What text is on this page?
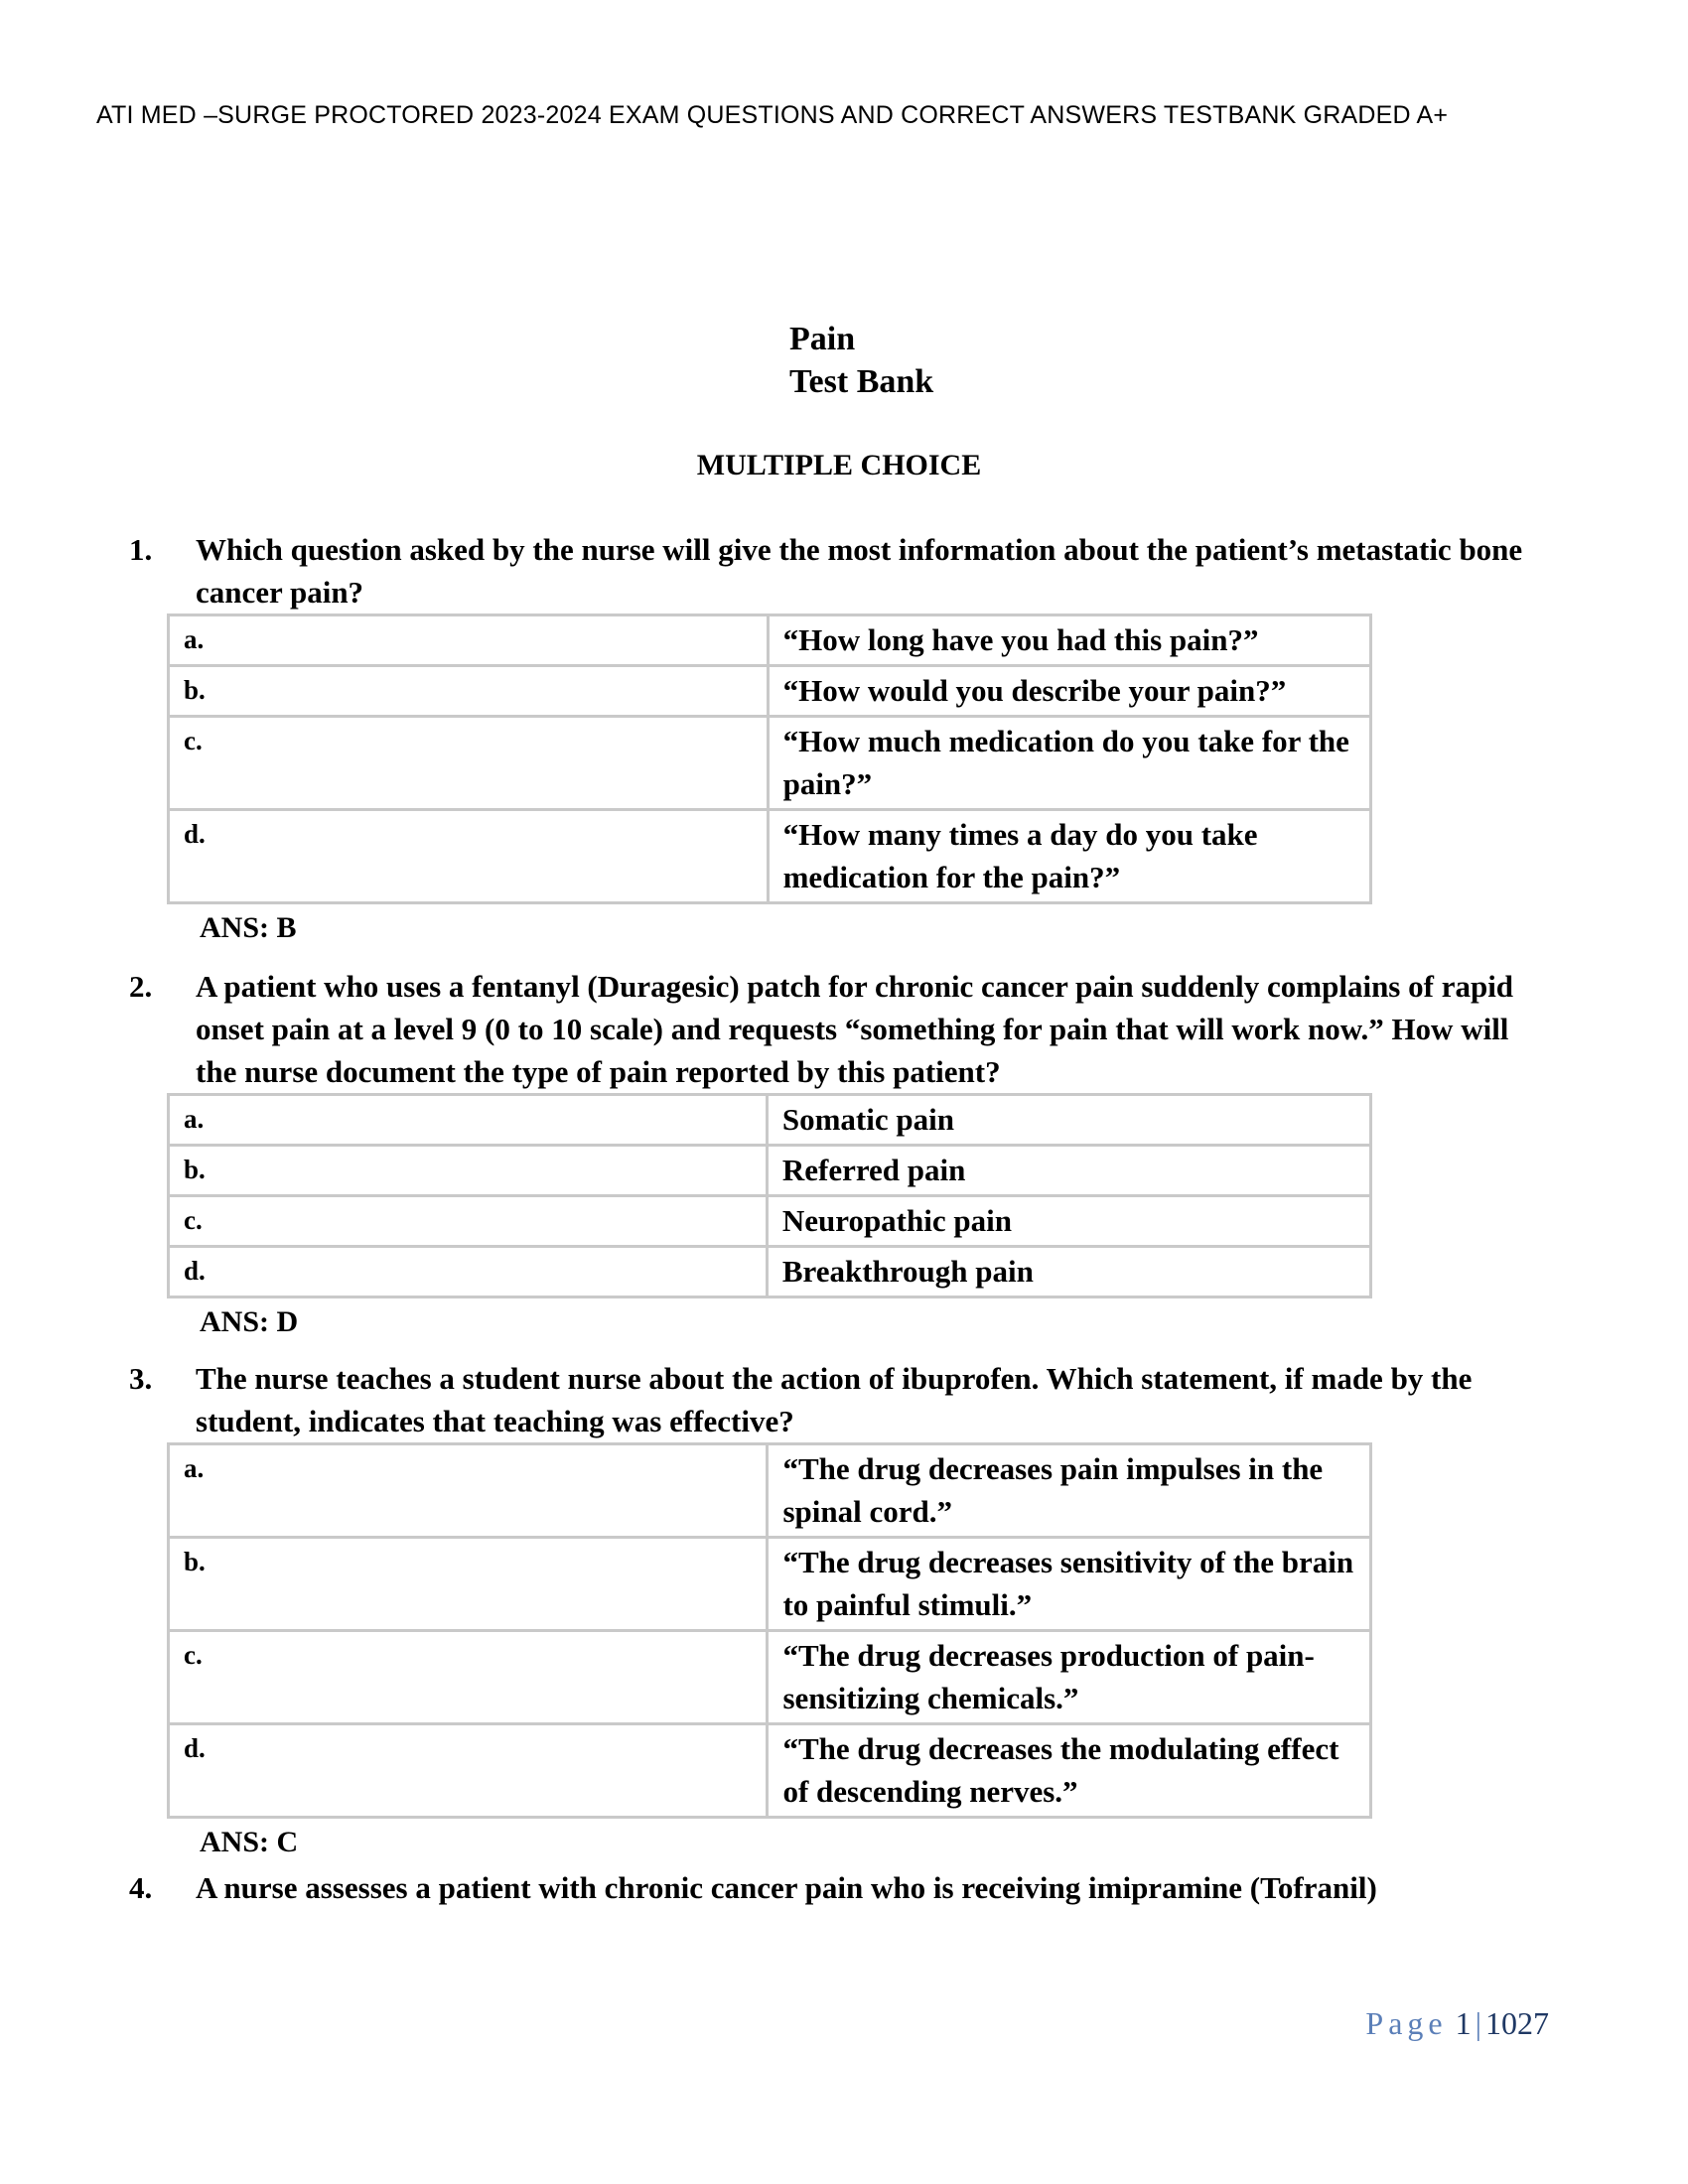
ATI MED –SURGE PROCTORED 2023-2024 EXAM QUESTIONS AND CORRECT ANSWERS TESTBANK GRADED A+
Pain
Test Bank
MULTIPLE CHOICE
1.	Which question asked by the nurse will give the most information about the patient’s metastatic bone cancer pain?
a.	“How long have you had this pain?”
b.	“How would you describe your pain?”
c.	“How much medication do you take for the pain?”
d.	“How many times a day do you take medication for the pain?”
ANS: B
2.	A patient who uses a fentanyl (Duragesic) patch for chronic cancer pain suddenly complains of rapid onset pain at a level 9 (0 to 10 scale) and requests “something for pain that will work now.” How will the nurse document the type of pain reported by this patient?
a.	Somatic pain
b.	Referred pain
c.	Neuropathic pain
d.	Breakthrough pain
ANS: D
3.	The nurse teaches a student nurse about the action of ibuprofen. Which statement, if made by the student, indicates that teaching was effective?
a.	“The drug decreases pain impulses in the spinal cord.”
b.	“The drug decreases sensitivity of the brain to painful stimuli.”
c.	“The drug decreases production of pain- sensitizing chemicals.”
d.	“The drug decreases the modulating effect of descending nerves.”
ANS: C
4.	A nurse assesses a patient with chronic cancer pain who is receiving imipramine (Tofranil)
Page 1 | 1027
